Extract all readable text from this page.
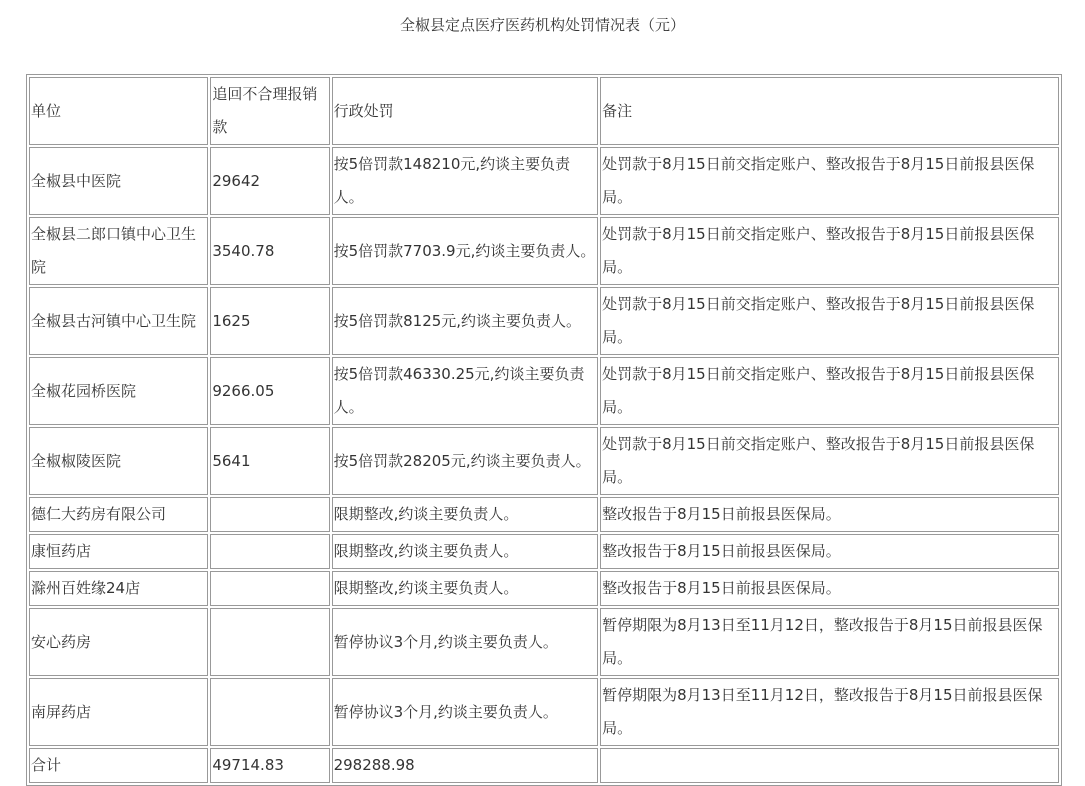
全椒县定点医疗医药机构处罚情况表（元）
单位	追回不合理报销款	行政处罚	备注
全椒县中医院	29642	按5倍罚款148210元,约谈主要负责人。	处罚款于8月15日前交指定账户、整改报告于8月15日前报县医保局。
全椒县二郎口镇中心卫生院	3540.78	按5倍罚款7703.9元,约谈主要负责人。	处罚款于8月15日前交指定账户、整改报告于8月15日前报县医保局。
全椒县古河镇中心卫生院	1625	按5倍罚款8125元,约谈主要负责人。	处罚款于8月15日前交指定账户、整改报告于8月15日前报县医保局。
全椒花园桥医院	9266.05	按5倍罚款46330.25元,约谈主要负责人。	处罚款于8月15日前交指定账户、整改报告于8月15日前报县医保局。
全椒椒陵医院	5641	按5倍罚款28205元,约谈主要负责人。	处罚款于8月15日前交指定账户、整改报告于8月15日前报县医保局。
德仁大药房有限公司		限期整改,约谈主要负责人。	整改报告于8月15日前报县医保局。
康恒药店		限期整改,约谈主要负责人。	整改报告于8月15日前报县医保局。
滁州百姓缘24店		限期整改,约谈主要负责人。	整改报告于8月15日前报县医保局。
安心药房		暂停协议3个月,约谈主要负责人。	暂停期限为8月13日至11月12日，整改报告于8月15日前报县医保局。
南屏药店		暂停协议3个月,约谈主要负责人。	暂停期限为8月13日至11月12日，整改报告于8月15日前报县医保局。
合计	49714.83	298288.98	
